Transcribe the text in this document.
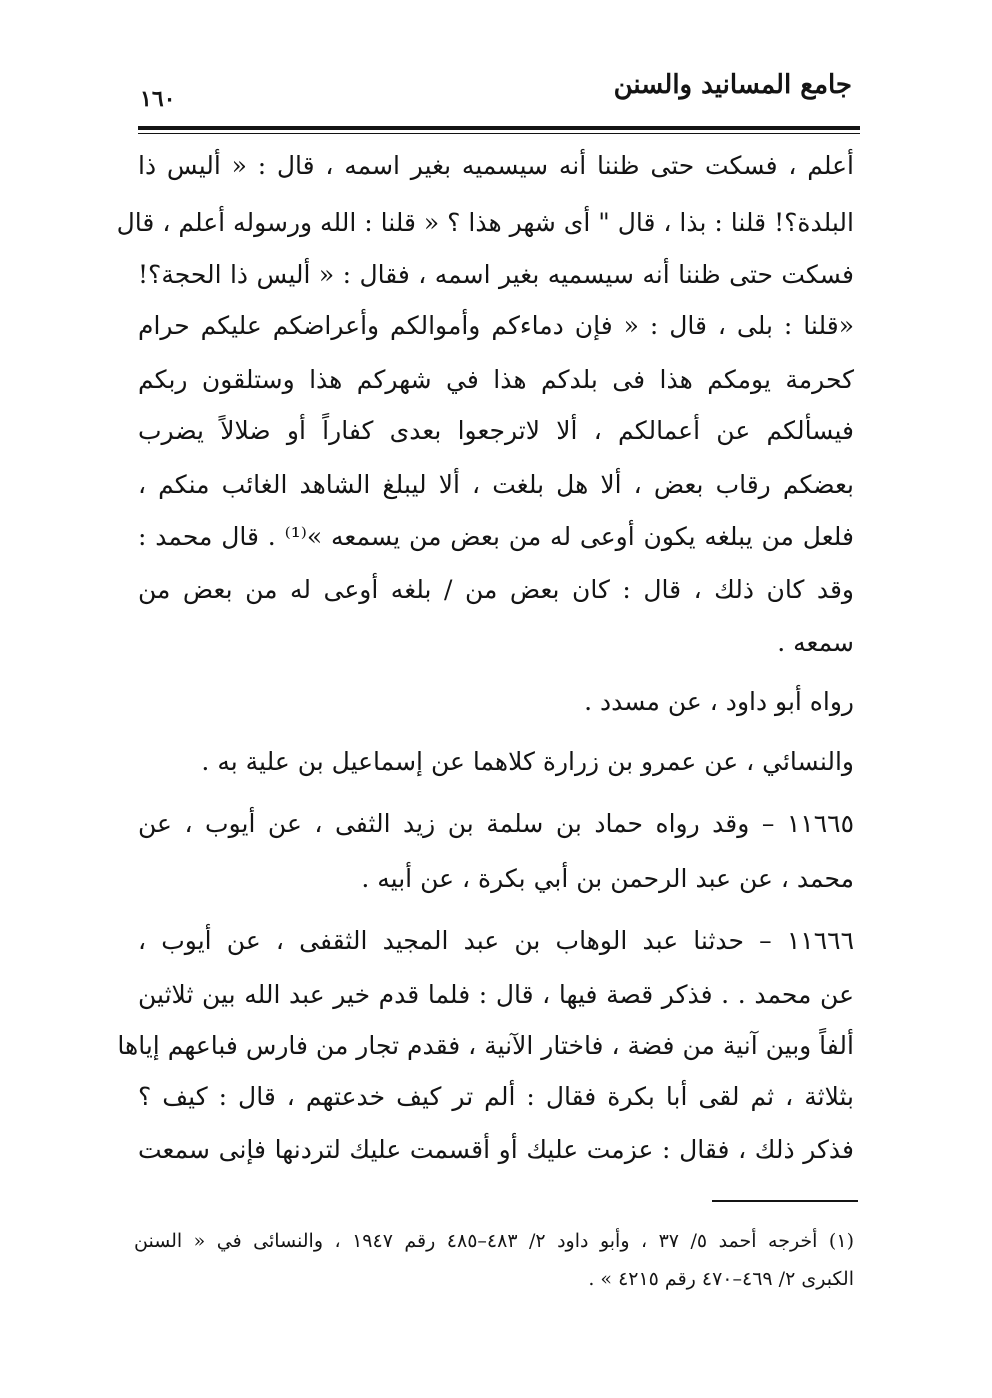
جامع المسانيد والسنن
١٦٠
أعلم ، فسكت حتى ظننا أنه سيسميه بغير اسمه ، قال : « أليس ذا
البلدة؟! قلنا : بذا ، قال " أى شهر هذا ؟ « قلنا : الله ورسوله أعلم ، قال
فسكت حتى ظننا أنه سيسميه بغير اسمه ، فقال : « أليس ذا الحجة؟!
«قلنا : بلى ، قال : « فإن دماءكم وأموالكم وأعراضكم عليكم حرام
كحرمة يومكم هذا فى بلدكم هذا في شهركم هذا وستلقون ربكم
فيسألكم عن أعمالكم ، ألا لاترجعوا بعدى كفاراً أو ضلالاً يضرب
بعضكم رقاب بعض ، ألا هل بلغت ، ألا ليبلغ الشاهد الغائب منكم ،
فلعل من يبلغه يكون أوعى له من بعض من يسمعه »⁽¹⁾ . قال محمد :
وقد كان ذلك ، قال : كان بعض من / بلغه أوعى له من بعض من
سمعه .
رواه أبو داود ، عن مسدد .
والنسائي ، عن عمرو بن زرارة كلاهما عن إسماعيل بن علية به .
١١٦٦٥ – وقد رواه حماد بن سلمة بن زيد الثفى ، عن أيوب ، عن
محمد ، عن عبد الرحمن بن أبي بكرة ، عن أبيه .
١١٦٦٦ – حدثنا عبد الوهاب بن عبد المجيد الثقفى ، عن أيوب ،
عن محمد . . فذكر قصة فيها ، قال : فلما قدم خير عبد الله بين ثلاثين
ألفاً وبين آنية من فضة ، فاختار الآنية ، فقدم تجار من فارس فباعهم إياها
بثلاثة ، ثم لقى أبا بكرة فقال : ألم تر كيف خدعتهم ، قال : كيف ؟
فذكر ذلك ، فقال : عزمت عليك أو أقسمت عليك لتردنها فإنى سمعت
(١) أخرجه أحمد ٥/ ٣٧ ، وأبو داود ٢/ ٤٨٣–٤٨٥ رقم ١٩٤٧ ، والنسائى في « السنن
الكبرى ٢/ ٤٦٩–٤٧٠ رقم ٤٢١٥ » .
